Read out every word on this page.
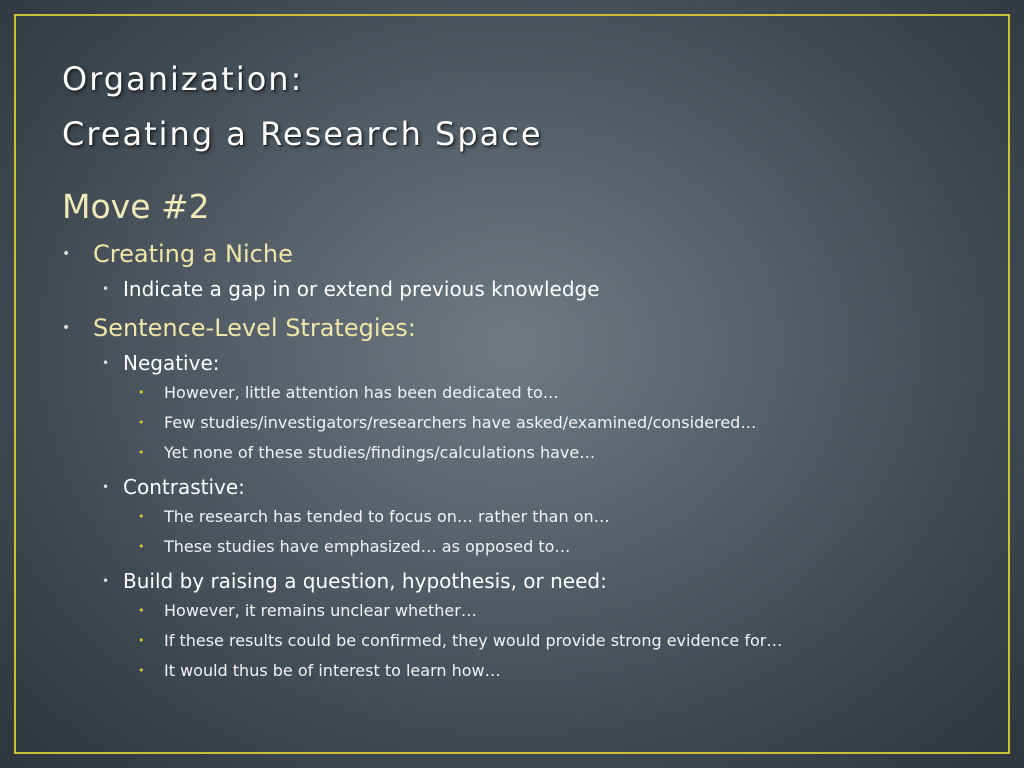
Organization:
Creating a Research Space
Move #2
• Creating a Niche
• Indicate a gap in or extend previous knowledge
• Sentence-Level Strategies:
• Negative:
• However, little attention has been dedicated to…
• Few studies/investigators/researchers have asked/examined/considered…
• Yet none of these studies/findings/calculations have…
• Contrastive:
• The research has tended to focus on… rather than on…
• These studies have emphasized… as opposed to…
• Build by raising a question, hypothesis, or need:
• However, it remains unclear whether…
• If these results could be confirmed, they would provide strong evidence for…
• It would thus be of interest to learn how…
